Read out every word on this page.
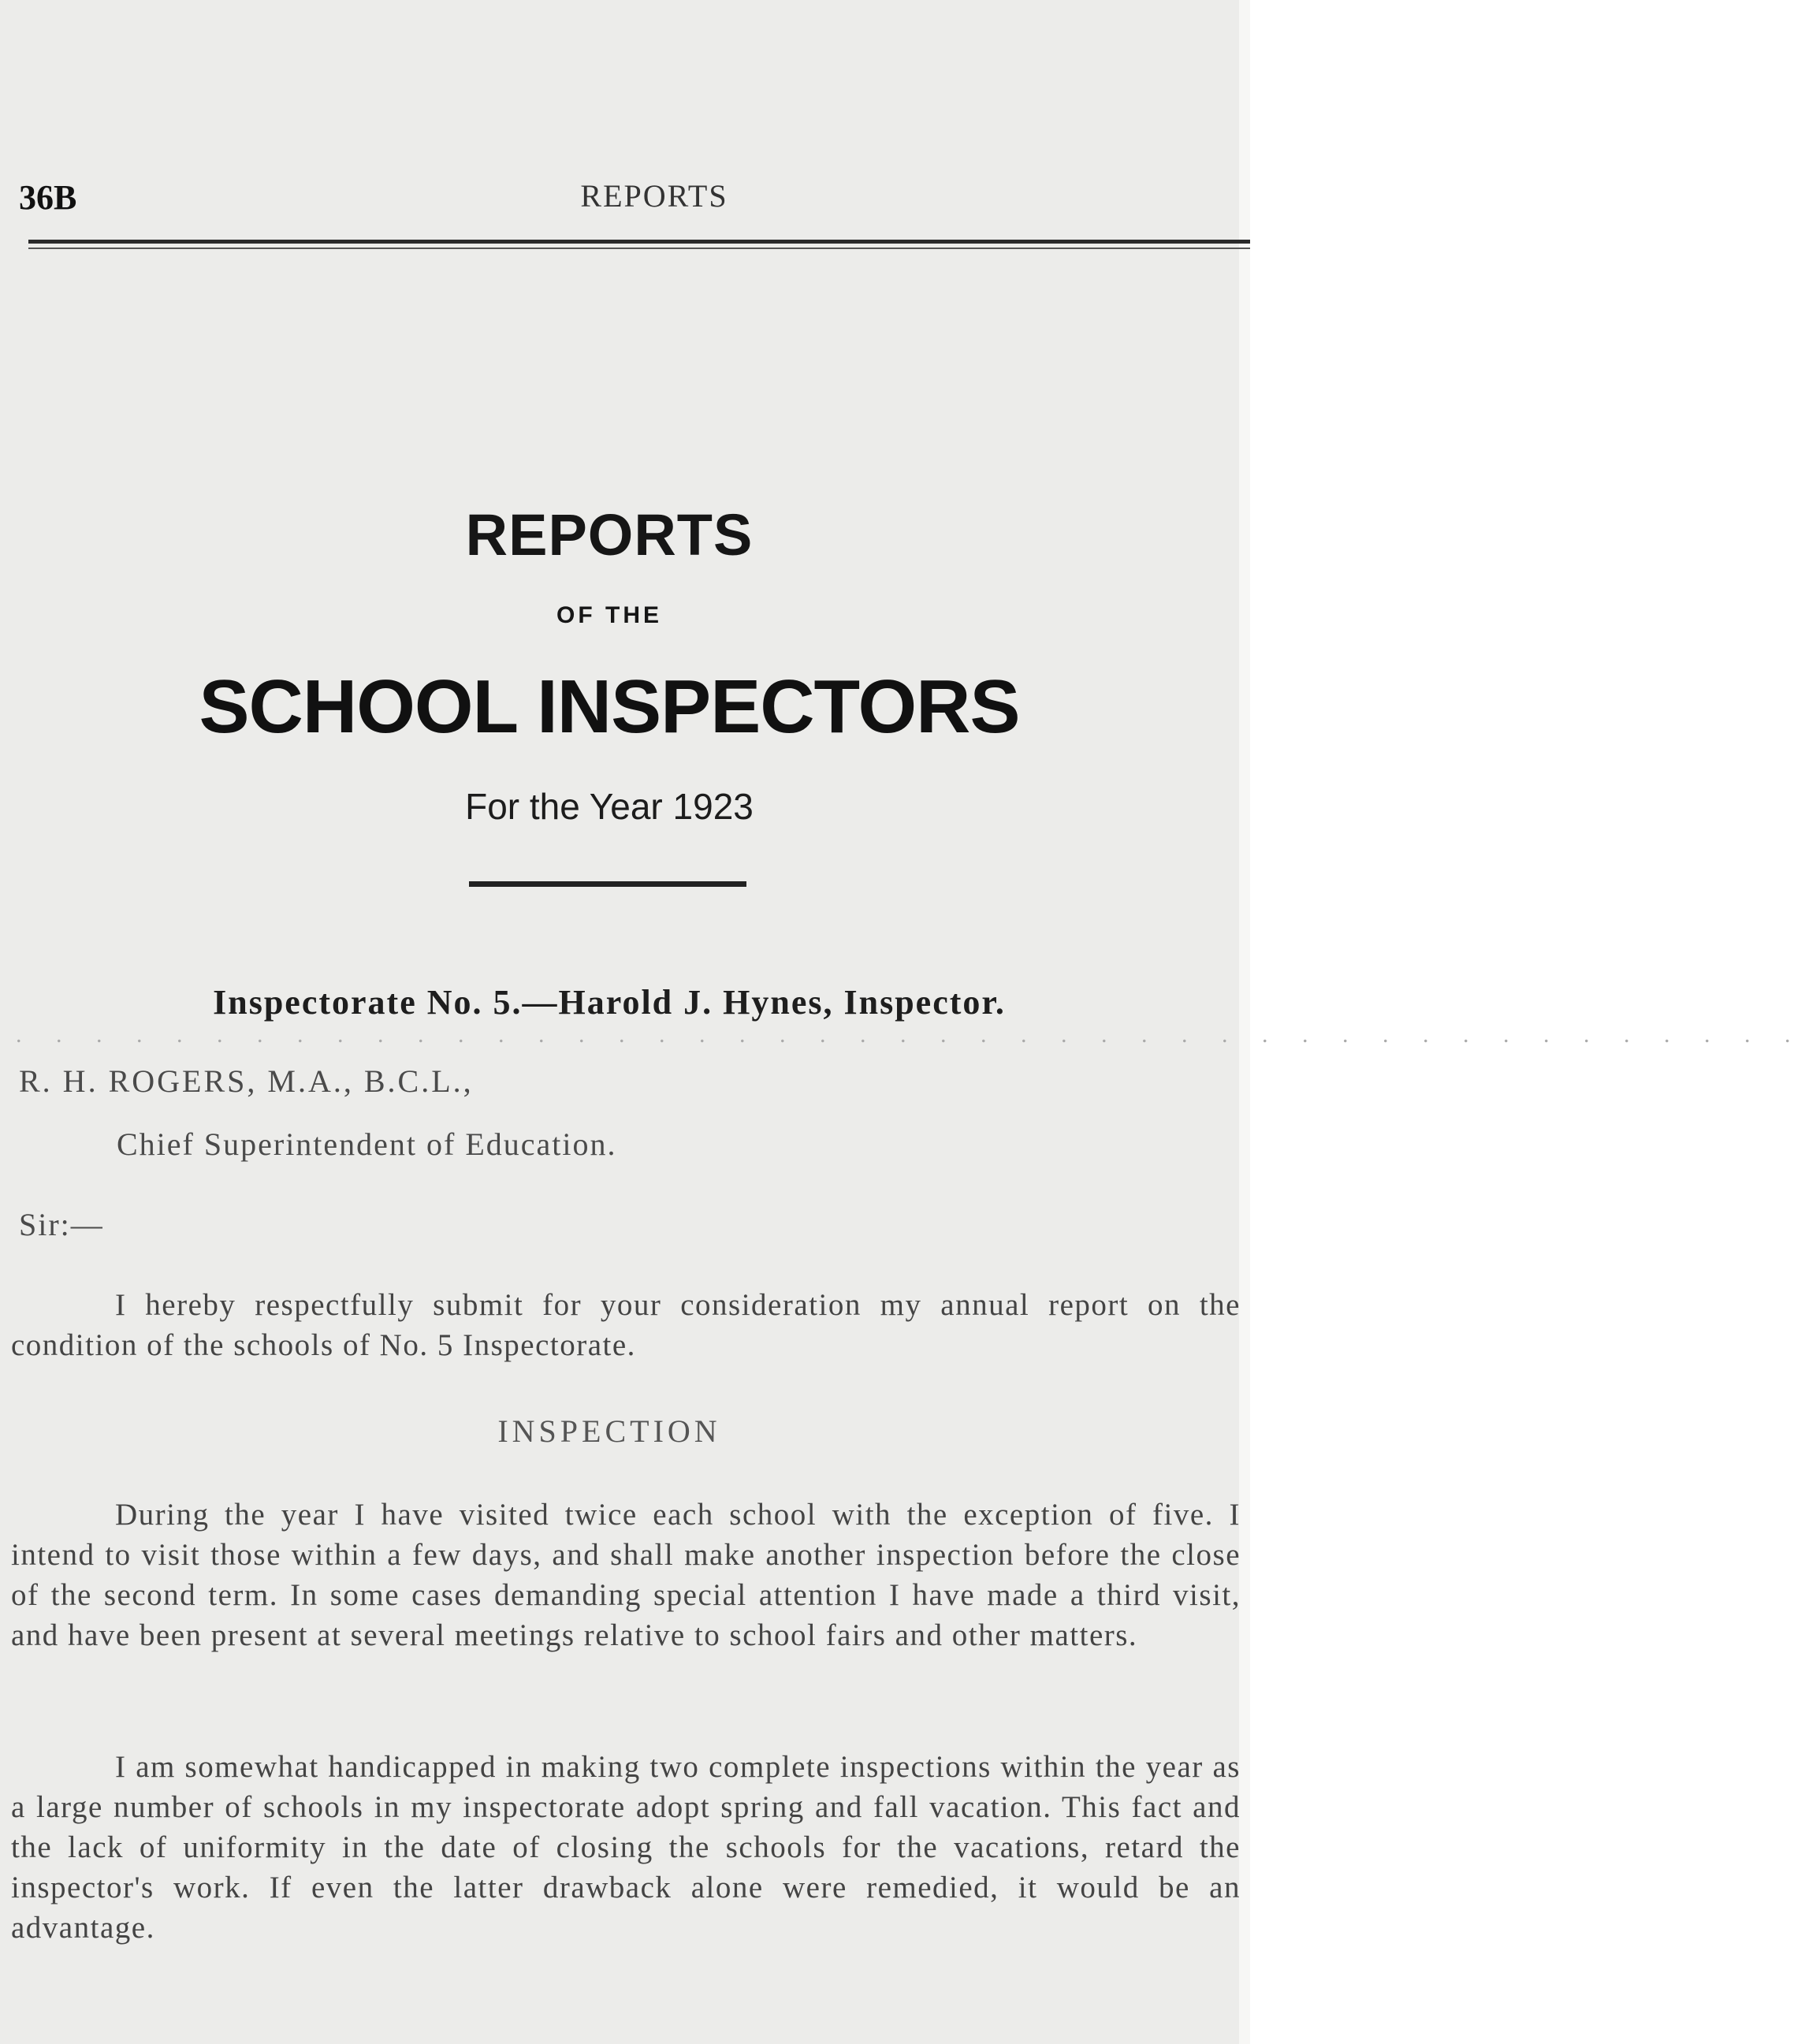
36B	REPORTS
REPORTS
OF THE
SCHOOL INSPECTORS
For the Year 1923
Inspectorate No. 5.—Harold J. Hynes, Inspector.
. . . . . . . . . . . . . . . . . . . . . . . . . . . . . . . . . . . . . . . . . . . . .
R. H. ROGERS, M.A., B.C.L.,
Chief Superintendent of Education.
Sir:—

I hereby respectfully submit for your consideration my annual report on the condition of the schools of No. 5 Inspectorate.

INSPECTION

During the year I have visited twice each school with the exception of five. I intend to visit those within a few days, and shall make another inspection before the close of the second term. In some cases demanding special attention I have made a third visit, and have been present at several meetings relative to school fairs and other matters.

I am somewhat handicapped in making two complete inspections within the year as a large number of schools in my inspectorate adopt spring and fall vacation. This fact and the lack of uniformity in the date of closing the schools for the vacations, retard the inspector's work. If even the latter drawback alone were remedied, it would be an advantage.
